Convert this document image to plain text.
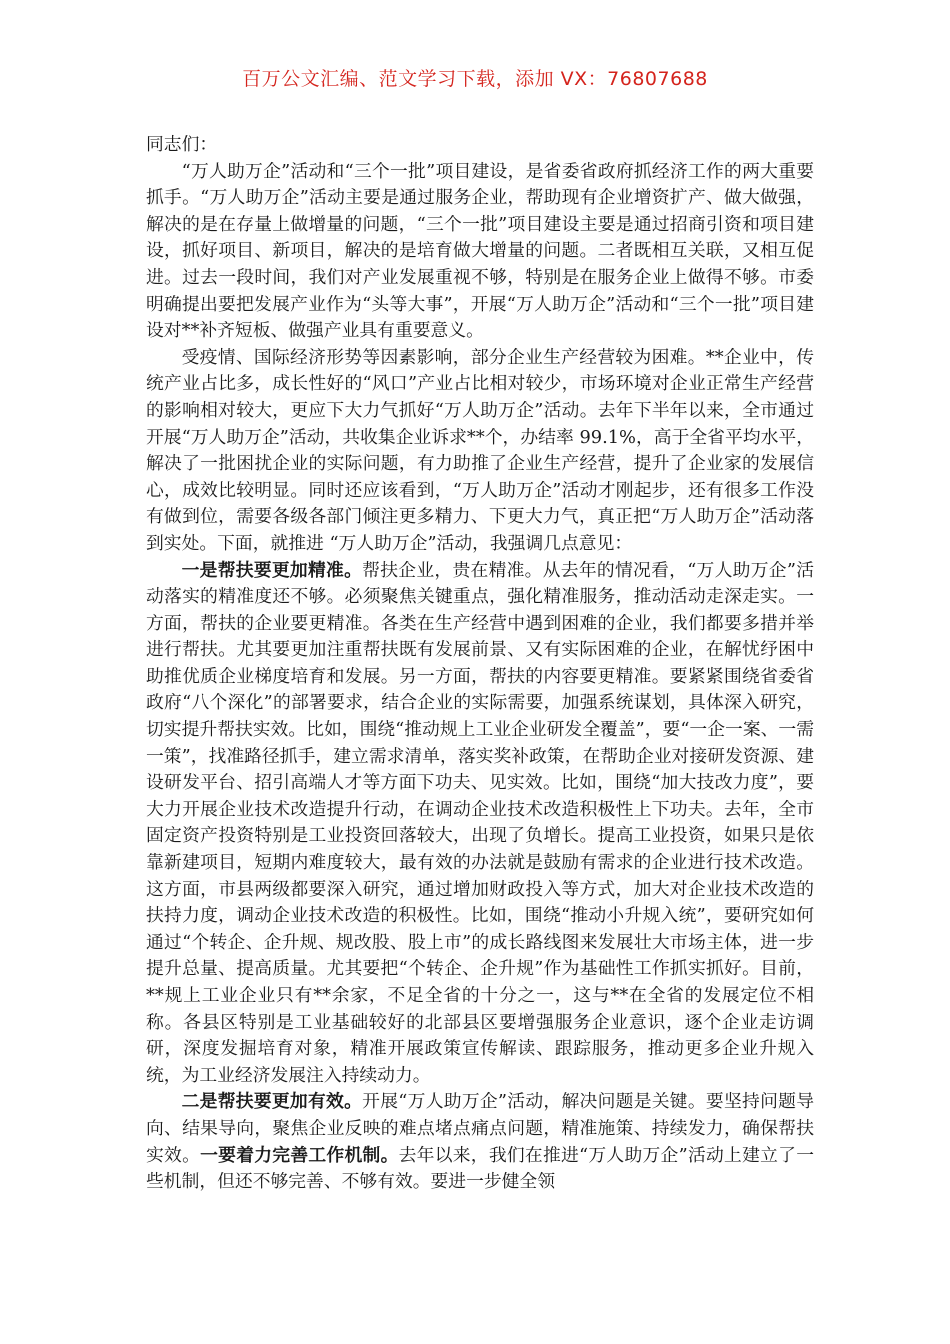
百万公文汇编、范文学习下载，添加 VX：76807688

同志们：

“万人助万企”活动和“三个一批”项目建设，是省委省政府抓经济工作的两大重要抓手。“万人助万企”活动主要是通过服务企业，帮助现有企业增资扩产、做大做强，解决的是在存量上做增量的问题，“三个一批”项目建设主要是通过招商引资和项目建设，抓好项目、新项目，解决的是培育做大增量的问题。二者既相互关联，又相互促进。过去一段时间，我们对产业发展重视不够，特别是在服务企业上做得不够。市委明确提出要把发展产业作为“头等大事”，开展“万人助万企”活动和“三个一批”项目建设对**补齐短板、做强产业具有重要意义。

受疫情、国际经济形势等因素影响，部分企业生产经营较为困难。**企业中，传统产业占比多，成长性好的“风口”产业占比相对较少，市场环境对企业正常生产经营的影响相对较大，更应下大力气抓好“万人助万企”活动。去年下半年以来，全市通过开展“万人助万企”活动，共收集企业诉求**个，办结率 99.1%，高于全省平均水平，解决了一批困扰企业的实际问题，有力助推了企业生产经营，提升了企业家的发展信心，成效比较明显。同时还应该看到，“万人助万企”活动才刚起步，还有很多工作没有做到位，需要各级各部门倾注更多精力、下更大力气，真正把“万人助万企”活动落到实处。下面，就推进 “万人助万企”活动，我强调几点意见：

一是帮扶要更加精准。帮扶企业，贵在精准。从去年的情况看，“万人助万企”活动落实的精准度还不够。必须聚焦关键重点，强化精准服务，推动活动走深走实。一方面，帮扶的企业要更精准。各类在生产经营中遇到困难的企业，我们都要多措并举进行帮扶。尤其要更加注重帮扶既有发展前景、又有实际困难的企业，在解忧纾困中助推优质企业梯度培育和发展。另一方面，帮扶的内容要更精准。要紧紧围绕省委省政府“八个深化”的部署要求，结合企业的实际需要，加强系统谋划，具体深入研究，切实提升帮扶实效。比如，围绕“推动规上工业企业研发全覆盖”，要“一企一案、一需一策”，找准路径抓手，建立需求清单，落实奖补政策，在帮助企业对接研发资源、建设研发平台、招引高端人才等方面下功夫、见实效。比如，围绕“加大技改力度”，要大力开展企业技术改造提升行动，在调动企业技术改造积极性上下功夫。去年，全市固定资产投资特别是工业投资回落较大，出现了负增长。提高工业投资，如果只是依靠新建项目，短期内难度较大，最有效的办法就是鼓励有需求的企业进行技术改造。这方面，市县两级都要深入研究，通过增加财政投入等方式，加大对企业技术改造的扶持力度，调动企业技术改造的积极性。比如，围绕“推动小升规入统”，要研究如何通过“个转企、企升规、规改股、股上市”的成长路线图来发展壮大市场主体，进一步提升总量、提高质量。尤其要把“个转企、企升规”作为基础性工作抓实抓好。目前，**规上工业企业只有**余家，不足全省的十分之一，这与**在全省的发展定位不相称。各县区特别是工业基础较好的北部县区要增强服务企业意识，逐个企业走访调研，深度发掘培育对象，精准开展政策宣传解读、跟踪服务，推动更多企业升规入统，为工业经济发展注入持续动力。

二是帮扶要更加有效。开展“万人助万企”活动，解决问题是关键。要坚持问题导向、结果导向，聚焦企业反映的难点堵点痛点问题，精准施策、持续发力，确保帮扶实效。一要着力完善工作机制。去年以来，我们在推进“万人助万企”活动上建立了一些机制，但还不够完善、不够有效。要进一步健全领
